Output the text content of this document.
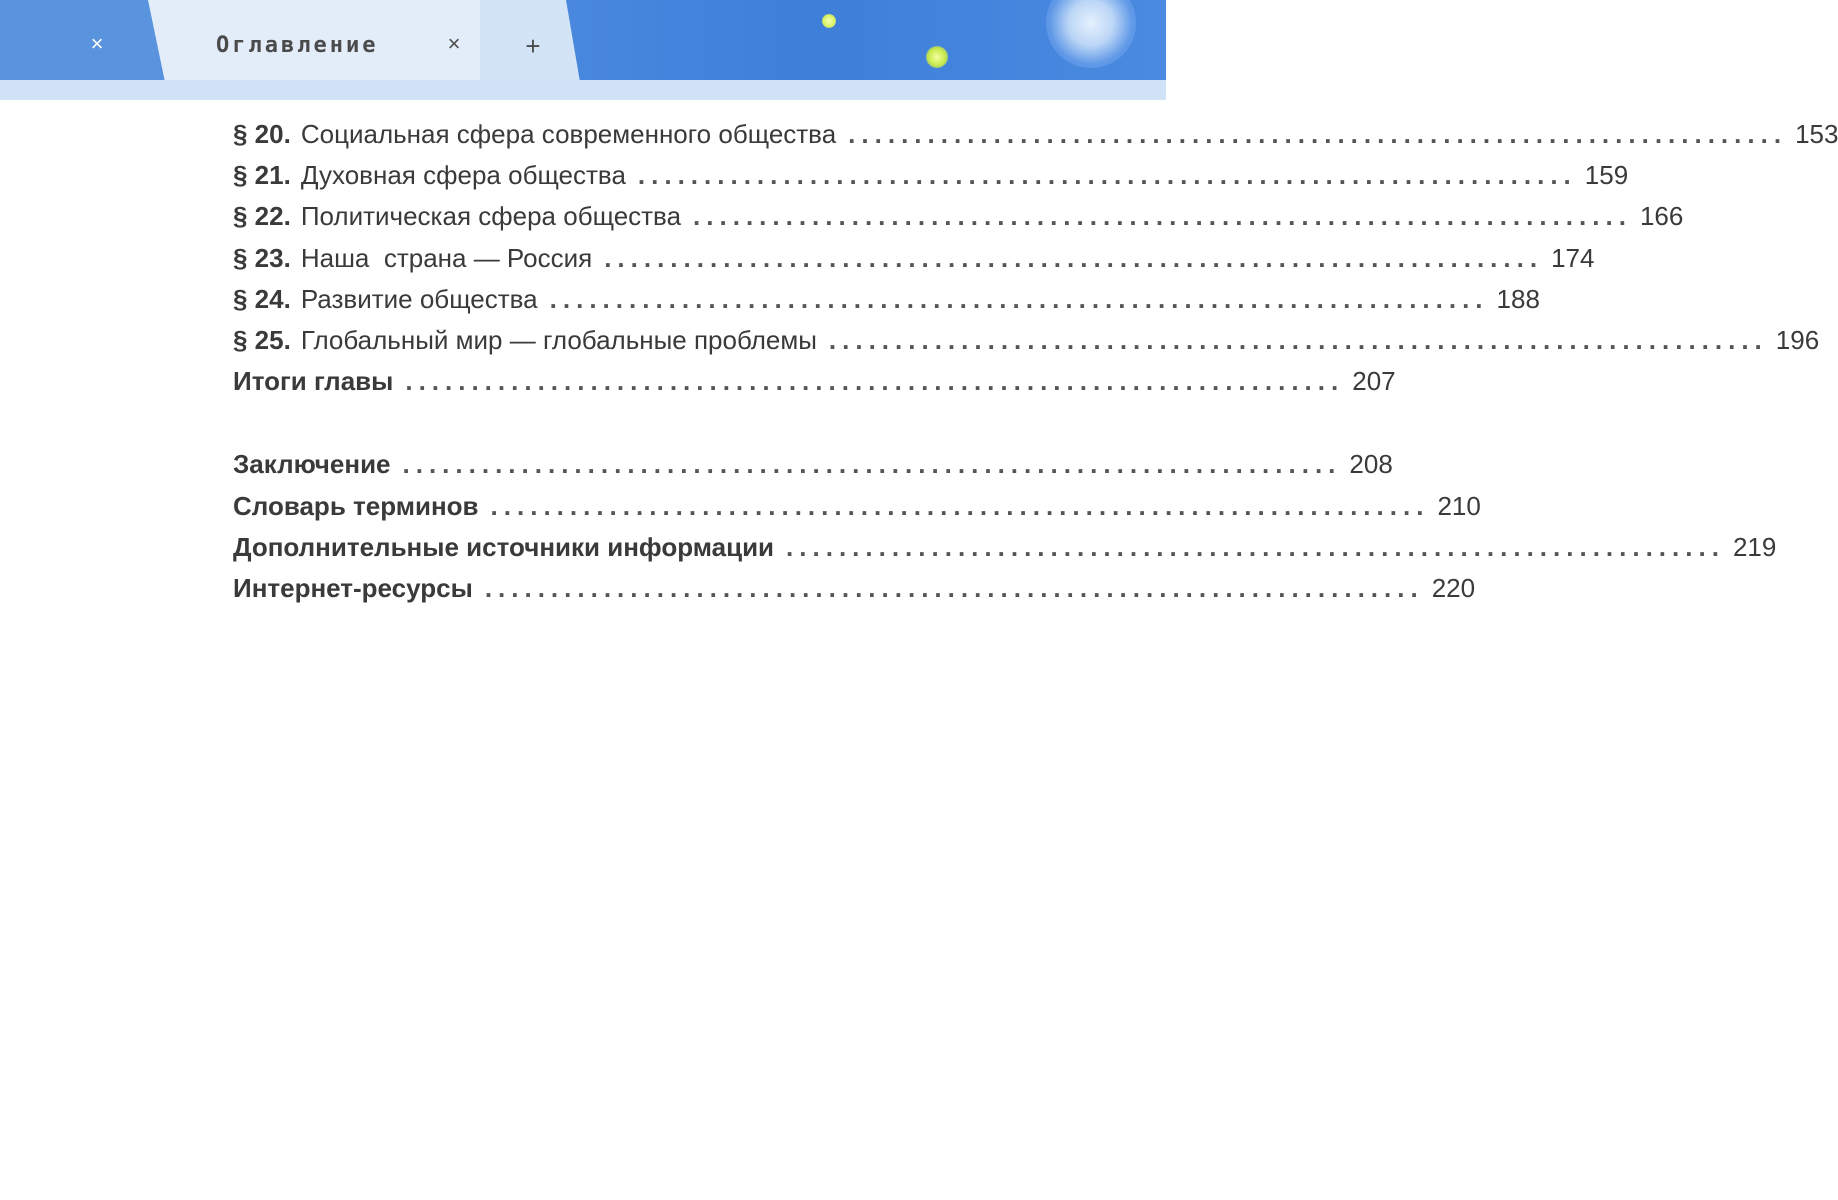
×	Оглавление	× +
§ 20. Социальная сфера современного общества ....................................................................... 153
§ 21. Духовная сфера общества ....................................................................... 159
§ 22. Политическая сфера общества ....................................................................... 166
§ 23. Наша  страна — Россия ....................................................................... 174
§ 24. Развитие общества ....................................................................... 188
§ 25. Глобальный мир — глобальные проблемы ....................................................................... 196
Итоги главы ....................................................................... 207
Заключение ....................................................................... 208
Словарь терминов ....................................................................... 210
Дополнительные источники информации ....................................................................... 219
Интернет-ресурсы ....................................................................... 220
